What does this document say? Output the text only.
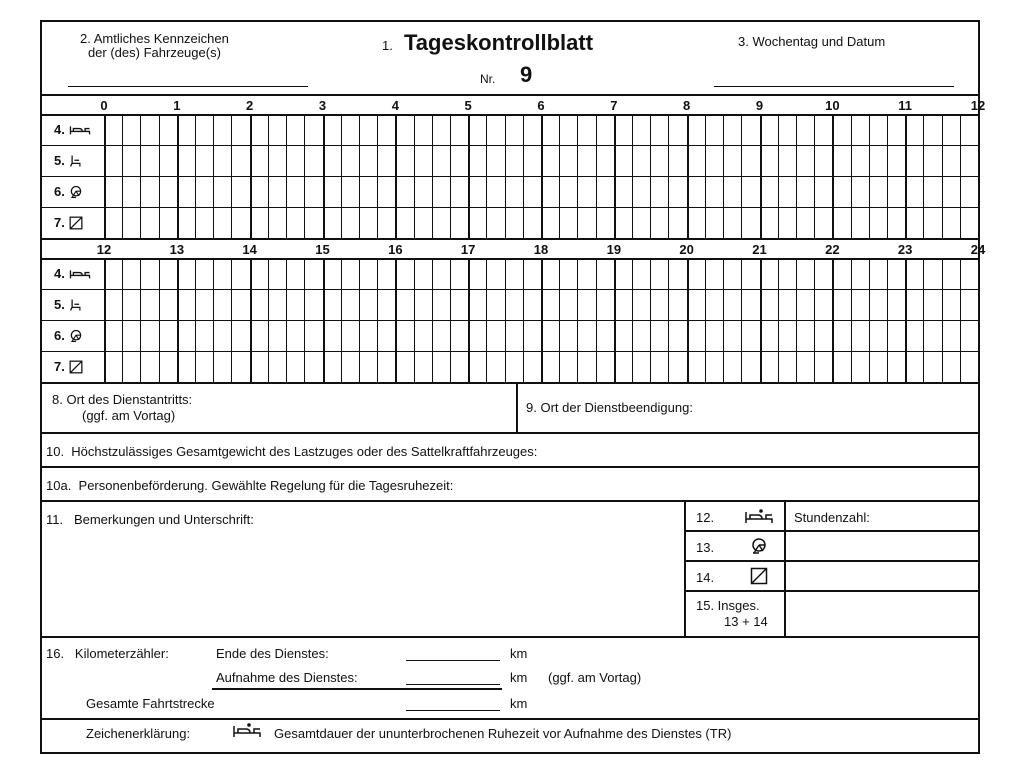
2. Amtliches Kennzeichen
der (des) Fahrzeuge(s)	1. Tageskontrollblatt
Nr. 9
3. Wochentag und Datum
0	1	2	3	4	5	6	7	8	9	10	11	12
4.
5.
6.
7.
12	13	14	15	16	17	18	19	20	21	22	23	24
4.
5.
6.
7.
8. Ort des Dienstantritts:
(ggf. am Vortag)
9. Ort der Dienstbeendigung:
10.  Höchstzulässiges Gesamtgewicht des Lastzuges oder des Sattelkraftfahrzeuges:
10a.  Personenbeförderung. Gewählte Regelung für die Tagesruhezeit:
11.   Bemerkungen und Unterschrift:	12.	Stundenzahl:
13.
14.
15. Insges.
13 + 14
16.   Kilometerzähler:	Ende des Dienstes:	km
Aufnahme des Dienstes:	km (ggf. am Vortag)
Gesamte Fahrtstrecke	km
Zeichenerklärung:	Gesamtdauer der ununterbrochenen Ruhezeit vor Aufnahme des Dienstes (TR)
